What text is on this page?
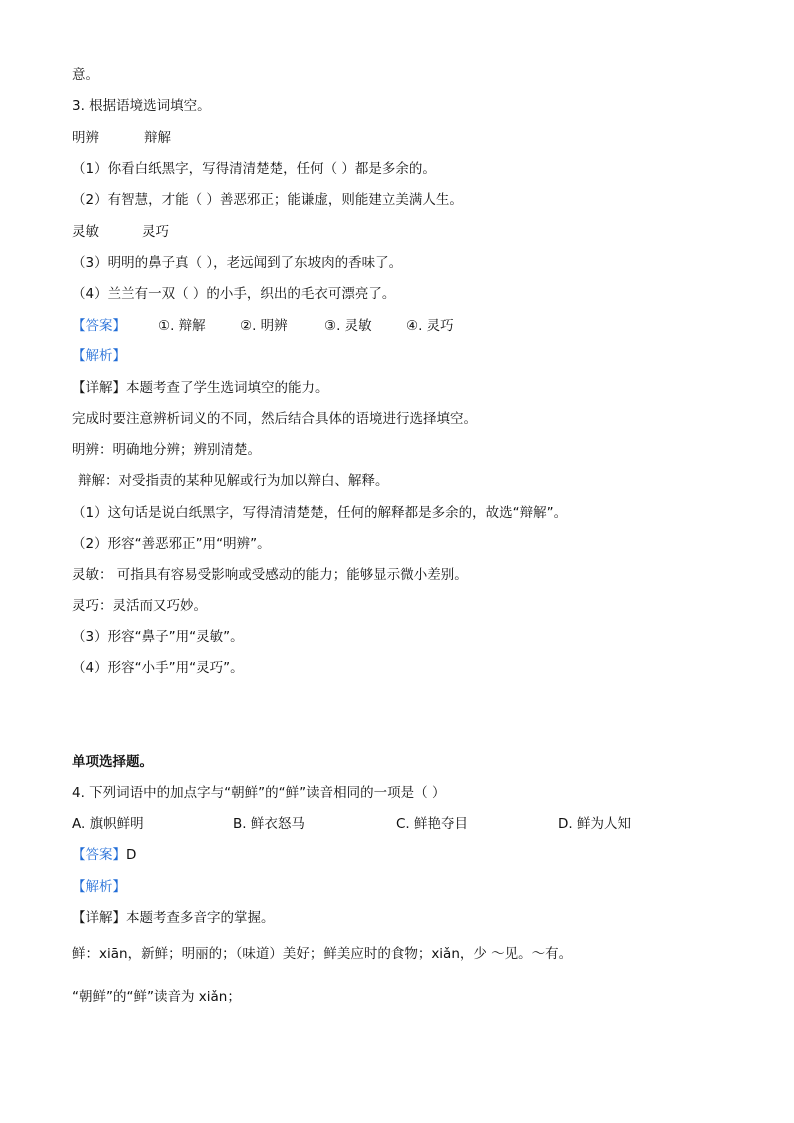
意。
3. 根据语境选词填空。
明辨	辩解
（1）你看白纸黑字，写得清清楚楚，任何（ ）都是多余的。
（2）有智慧，才能（ ）善恶邪正；能谦虚，则能建立美满人生。
灵敏	灵巧
（3）明明的鼻子真（ ），老远闻到了东坡肉的香味了。
（4）兰兰有一双（ ）的小手，织出的毛衣可漂亮了。
【答案】 ①. 辩解	②. 明辨	③. 灵敏	④. 灵巧
【解析】
【详解】本题考查了学生选词填空的能力。
完成时要注意辨析词义的不同，然后结合具体的语境进行选择填空。
明辨：明确地分辨；辨别清楚。
辩解：对受指责的某种见解或行为加以辩白、解释。
（1）这句话是说白纸黑字，写得清清楚楚，任何的解释都是多余的，故选“辩解”。
（2）形容“善恶邪正”用“明辨”。
灵敏： 可指具有容易受影响或受感动的能力；能够显示微小差别。
灵巧：灵活而又巧妙。
（3）形容“鼻子”用“灵敏”。
（4）形容“小手”用“灵巧”。
单项选择题。
4. 下列词语中的加点字与“朝鲜”的“鲜”读音相同的一项是（ ）
A. 旗帜鲜明	B. 鲜衣怒马	C. 鲜艳夺目	D. 鲜为人知
【答案】D
【解析】
【详解】本题考查多音字的掌握。
鲜：xiān，新鲜；明丽的；（味道）美好；鲜美应时的食物；xiǎn，少 ～见。～有。
“朝鲜”的“鲜”读音为 xiǎn；
